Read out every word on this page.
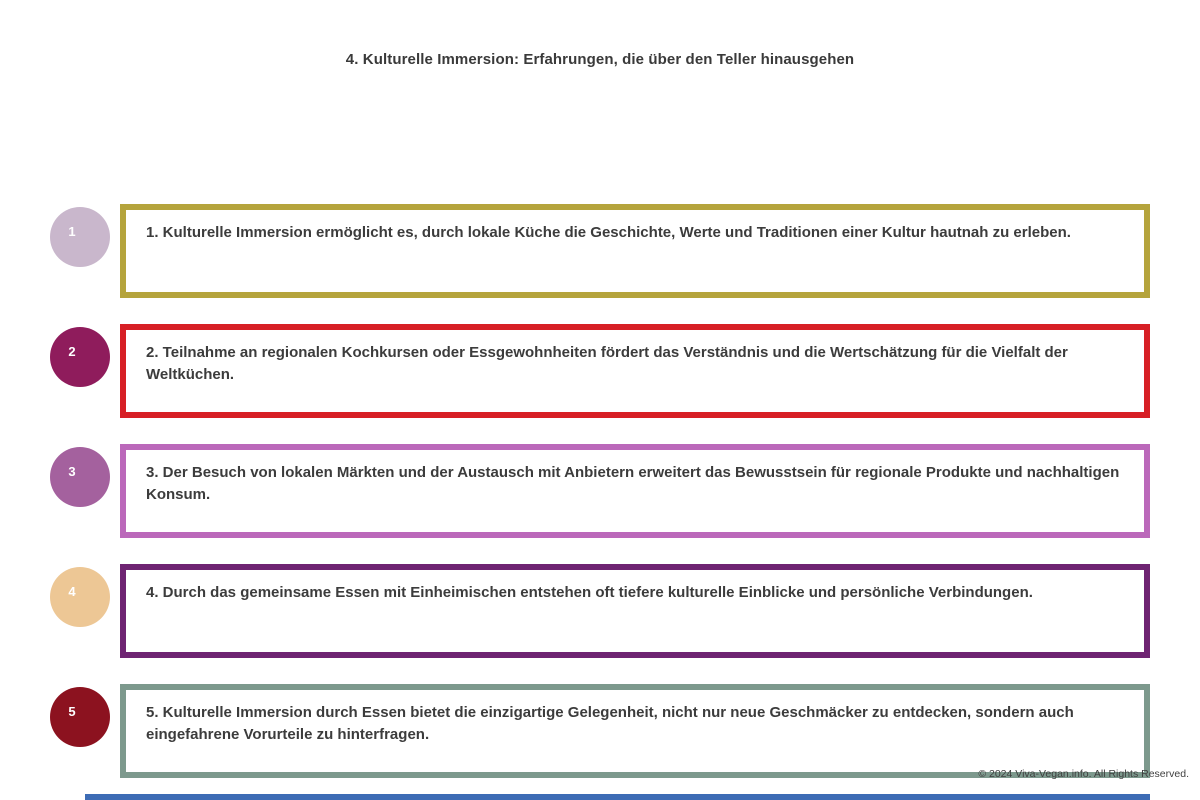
4. Kulturelle Immersion: Erfahrungen, die über den Teller hinausgehen
1	1. Kulturelle Immersion ermöglicht es, durch lokale Küche die Geschichte, Werte und Traditionen einer Kultur hautnah zu erleben.
2	2. Teilnahme an regionalen Kochkursen oder Essgewohnheiten fördert das Verständnis und die Wertschätzung für die Vielfalt der Weltküchen.
3	3. Der Besuch von lokalen Märkten und der Austausch mit Anbietern erweitert das Bewusstsein für regionale Produkte und nachhaltigen Konsum.
4	4. Durch das gemeinsame Essen mit Einheimischen entstehen oft tiefere kulturelle Einblicke und persönliche Verbindungen.
5	5. Kulturelle Immersion durch Essen bietet die einzigartige Gelegenheit, nicht nur neue Geschmäcker zu entdecken, sondern auch eingefahrene Vorurteile zu hinterfragen.
© 2024 Viva-Vegan.info. All Rights Reserved.
